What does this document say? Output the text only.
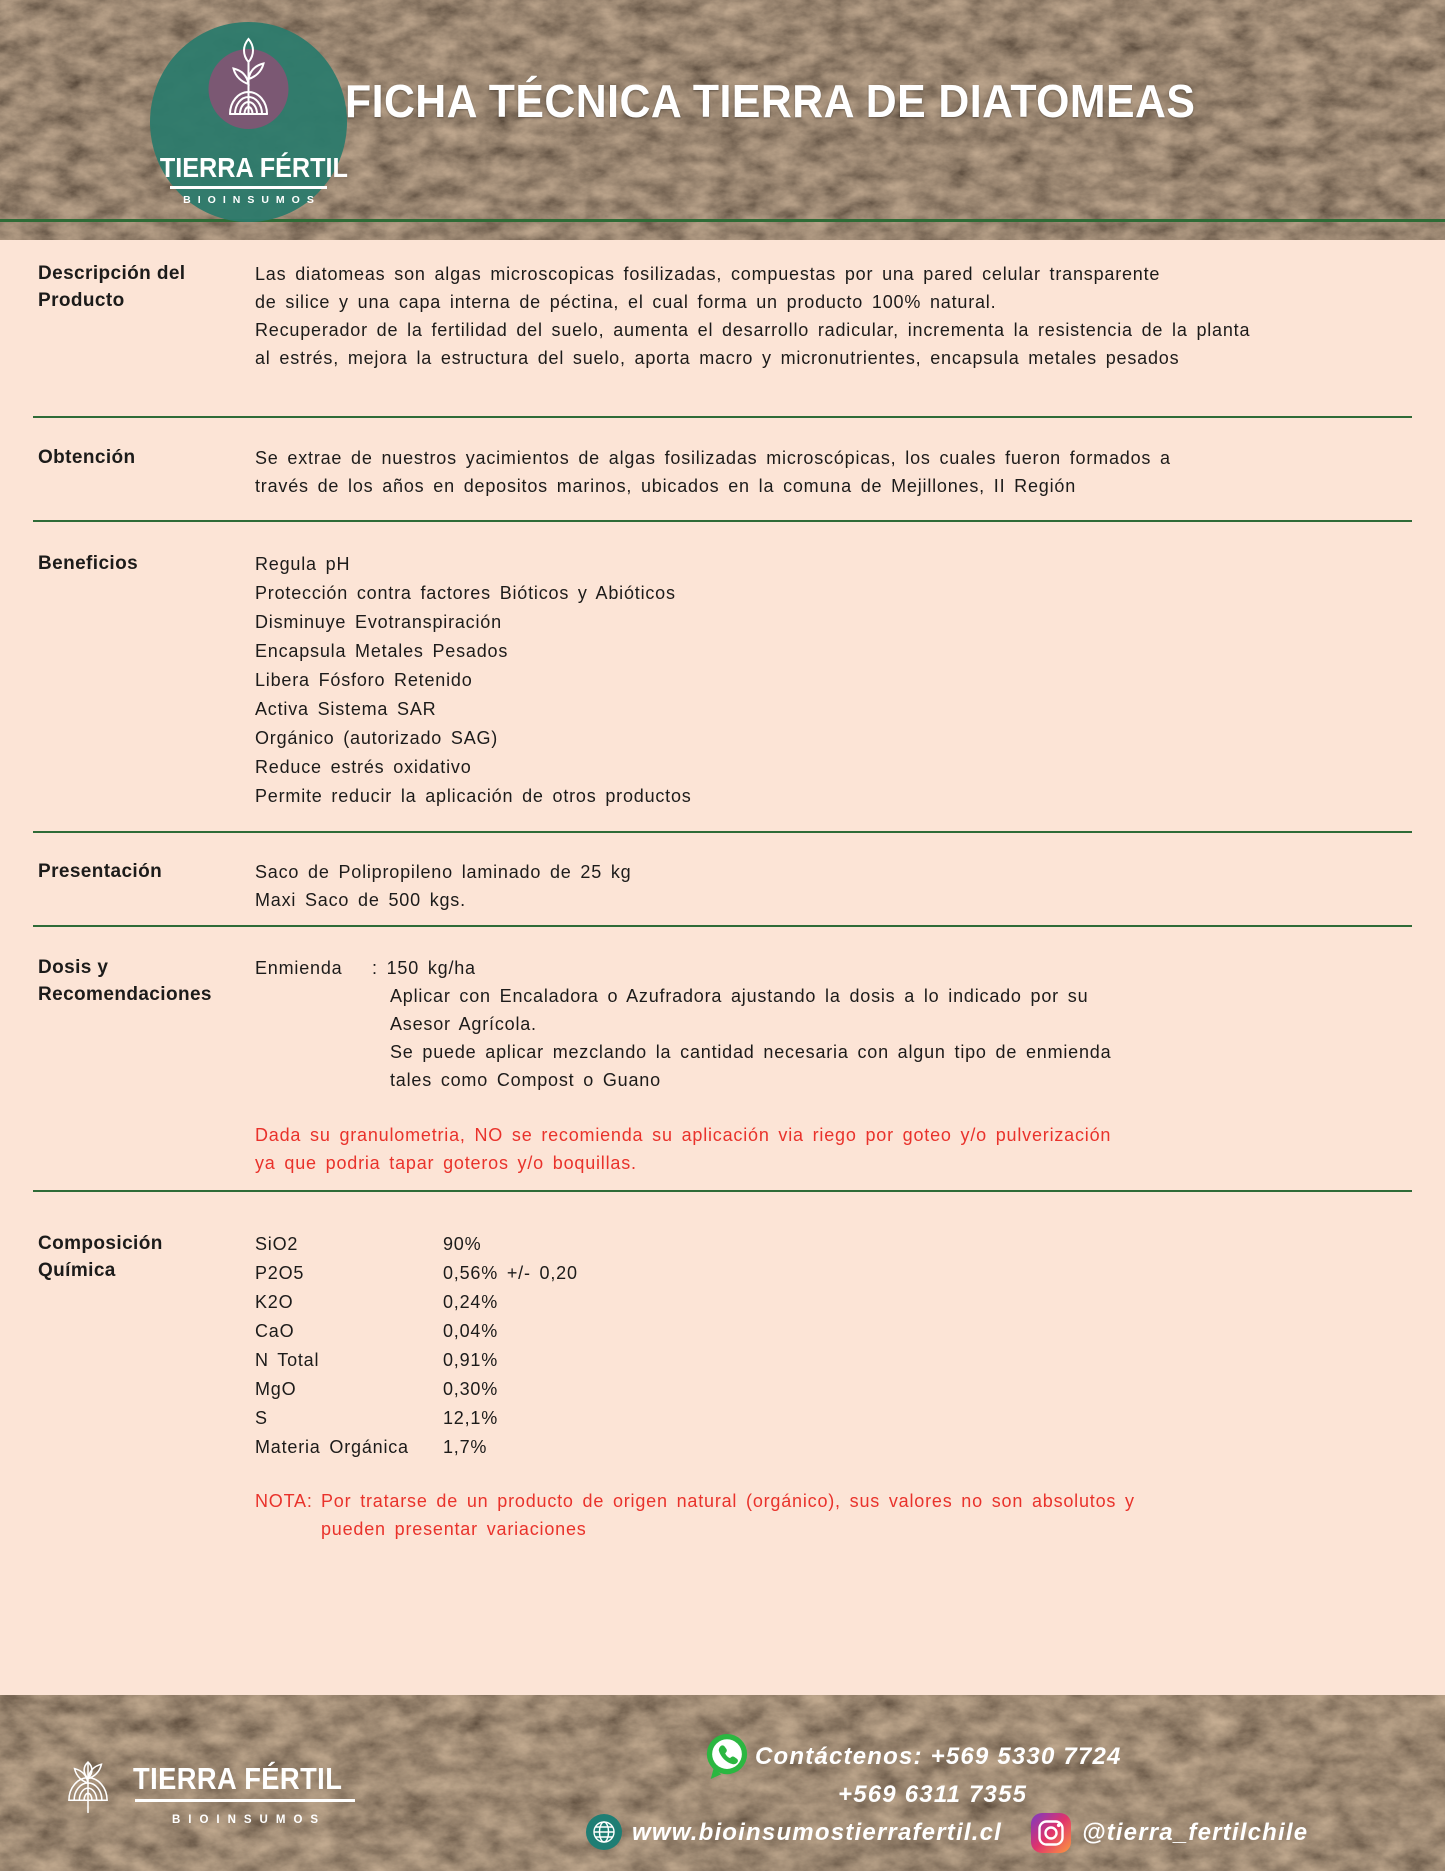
TIERRA FÉRTIL
BIOINSUMOS
FICHA TÉCNICA TIERRA DE DIATOMEAS
Descripción del Producto
Las diatomeas son algas microscopicas fosilizadas, compuestas por una pared celular transparente
de silice y una capa interna de péctina, el cual forma un producto 100% natural.
Recuperador de la fertilidad del suelo, aumenta el desarrollo radicular, incrementa la resistencia de la planta
al estrés, mejora la estructura del suelo, aporta macro y micronutrientes, encapsula metales pesados
Obtención	Se extrae de nuestros yacimientos de algas fosilizadas microscópicas, los cuales fueron formados a
través de los años en depositos marinos, ubicados en la comuna de Mejillones, II Región
Beneficios	Regula pH
Protección contra factores Bióticos y Abióticos
Disminuye Evotranspiración
Encapsula Metales Pesados
Libera Fósforo Retenido
Activa Sistema SAR
Orgánico (autorizado SAG)
Reduce estrés oxidativo
Permite reducir la aplicación de otros productos
Presentación	Saco de Polipropileno laminado de 25 kg
Maxi Saco de 500 kgs.
Dosis y Recomendaciones
Enmienda	: 150 kg/ha
Aplicar con Encaladora o Azufradora ajustando la dosis a lo indicado por su
Asesor Agrícola.
Se puede aplicar mezclando la cantidad necesaria con algun tipo de enmienda
tales como Compost o Guano
Dada su granulometria, NO se recomienda su aplicación via riego por goteo y/o pulverización
ya que podria tapar goteros y/o boquillas.
Composición Química
SiO2	90%
P2O5	0,56% +/- 0,20
K2O	0,24%
CaO	0,04%
N Total	0,91%
MgO	0,30%
S	12,1%
Materia Orgánica	1,7%
NOTA: Por tratarse de un producto de origen natural (orgánico), sus valores no son absolutos y
pueden presentar variaciones
TIERRA FÉRTIL
BIOINSUMOS
Contáctenos: +569 5330 7724
+569 6311 7355
www.bioinsumostierrafertil.cl	@tierra_fertilchile
